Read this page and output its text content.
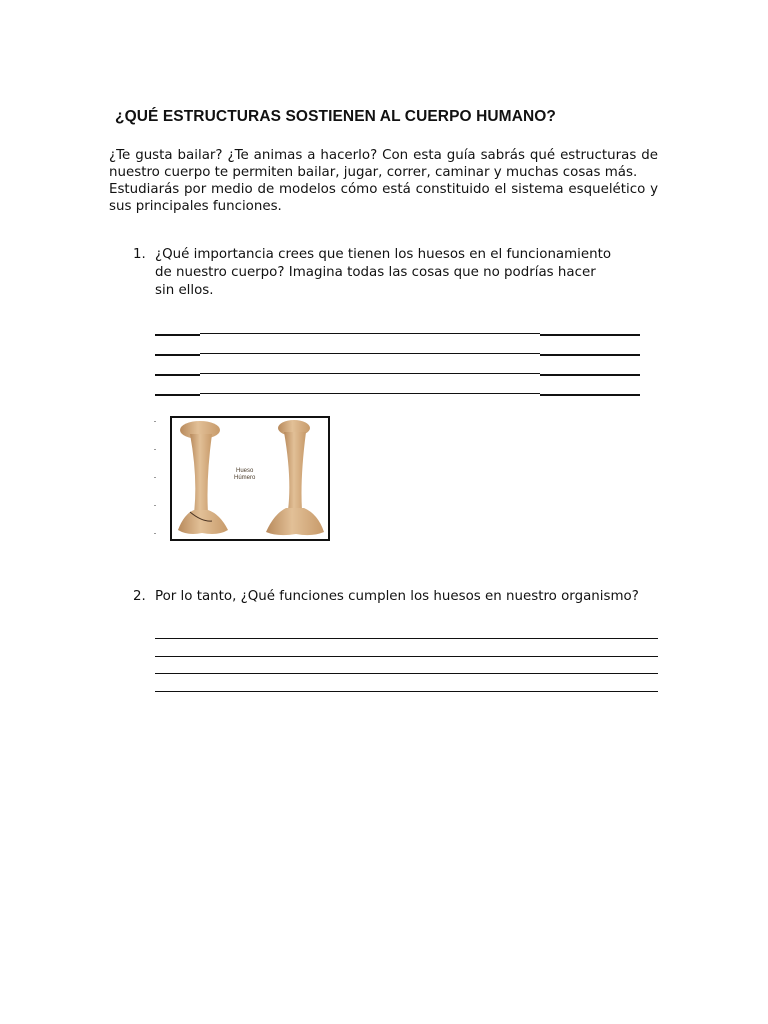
¿QUÉ ESTRUCTURAS SOSTIENEN AL CUERPO HUMANO?

¿Te gusta bailar? ¿Te animas a hacerlo? Con esta guía sabrás qué estructuras de nuestro cuerpo te permiten bailar, jugar, correr, caminar y muchas cosas más.

Estudiarás por medio de modelos cómo está constituido el sistema esquelético y sus principales funciones.

1. ¿Qué importancia crees que tienen los huesos en el funcionamiento de nuestro cuerpo? Imagina todas las cosas que no podrías hacer sin ellos.
Hueso
Húmero
2. Por lo tanto, ¿Qué funciones cumplen los huesos en nuestro organismo?
